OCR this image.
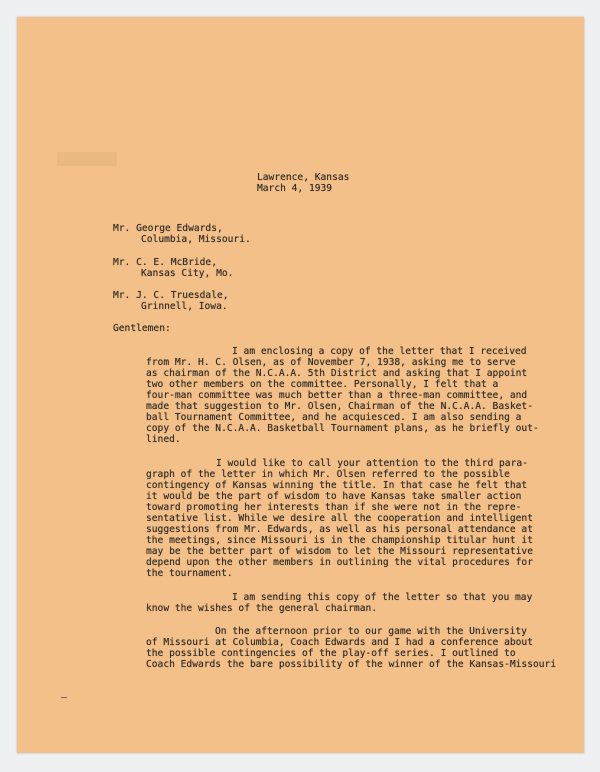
Lawrence, Kansas
March 4, 1939
Mr. George Edwards,
Columbia, Missouri.
Mr. C. E. McBride,
Kansas City, Mo.
Mr. J. C. Truesdale,
Grinnell, Iowa.
Gentlemen:
I am enclosing a copy of the letter that I received
from Mr. H. C. Olsen, as of November 7, 1938, asking me to serve
as chairman of the N.C.A.A. 5th District and asking that I appoint
two other members on the committee. Personally, I felt that a
four-man committee was much better than a three-man committee, and
made that suggestion to Mr. Olsen, Chairman of the N.C.A.A. Basket-
ball Tournament Committee, and he acquiesced. I am also sending a
copy of the N.C.A.A. Basketball Tournament plans, as he briefly out-
lined.
I would like to call your attention to the third para-
graph of the letter in which Mr. Olsen referred to the possible
contingency of Kansas winning the title. In that case he felt that
it would be the part of wisdom to have Kansas take smaller action
toward promoting her interests than if she were not in the repre-
sentative list. While we desire all the cooperation and intelligent
suggestions from Mr. Edwards, as well as his personal attendance at
the meetings, since Missouri is in the championship titular hunt it
may be the better part of wisdom to let the Missouri representative
depend upon the other members in outlining the vital procedures for
the tournament.
I am sending this copy of the letter so that you may
know the wishes of the general chairman.
On the afternoon prior to our game with the University
of Missouri at Columbia, Coach Edwards and I had a conference about
the possible contingencies of the play-off series. I outlined to
Coach Edwards the bare possibility of the winner of the Kansas-Missouri
